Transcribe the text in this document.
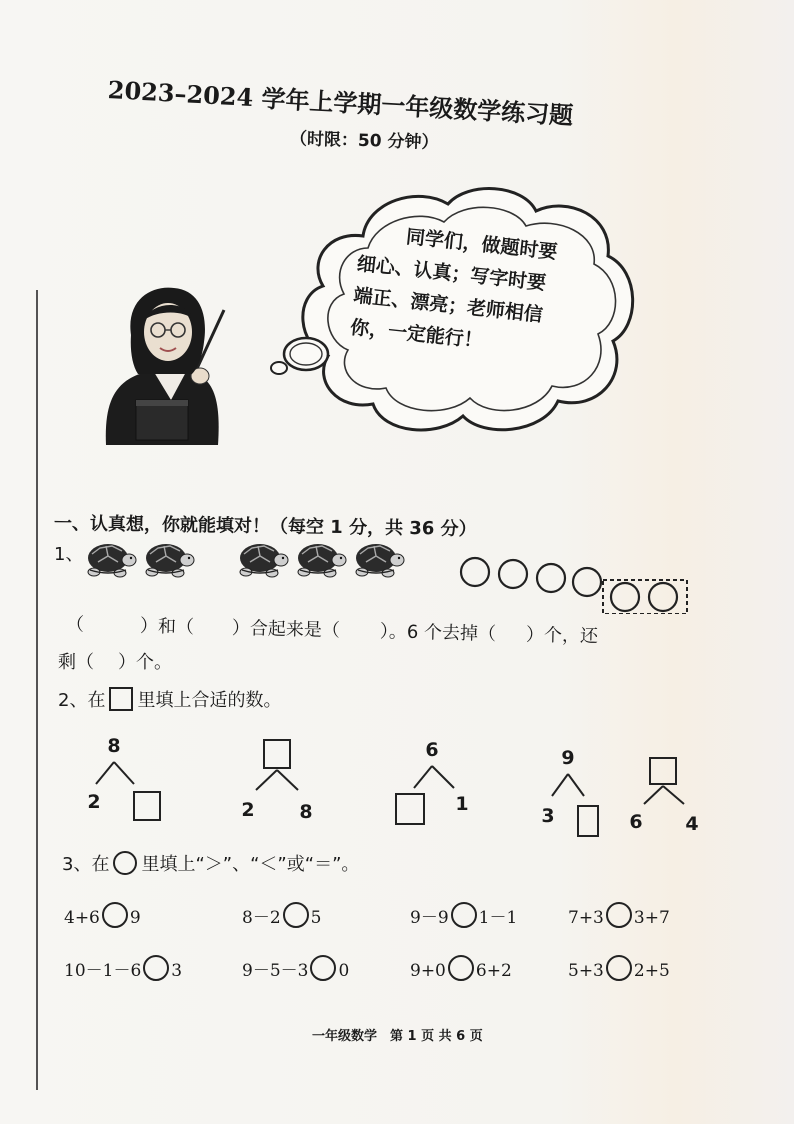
2023–2024 学年上学期一年级数学练习题
（时限：50 分钟）
同学们，做题时要
细心、认真；写字时要
端正、漂亮；老师相信
你，一定能行！
一、认真想，你就能填对！（每空 1 分，共 36 分）
1、
（	）和（ ）合起来是（ ）。6 个去掉（ ）个，还
剩（ ）个。
2、在 里填上合适的数。
8
2	2 8
6
1
9
3	6 4
3、在 里填上“＞”、“＜”或“＝”。
4+6 9	8－2 5	9－9 1－1	7+3 3+7
10－1－6 3	9－5－3 0	9+0 6+2	5+3 2+5
一年级数学　第 1 页 共 6 页
